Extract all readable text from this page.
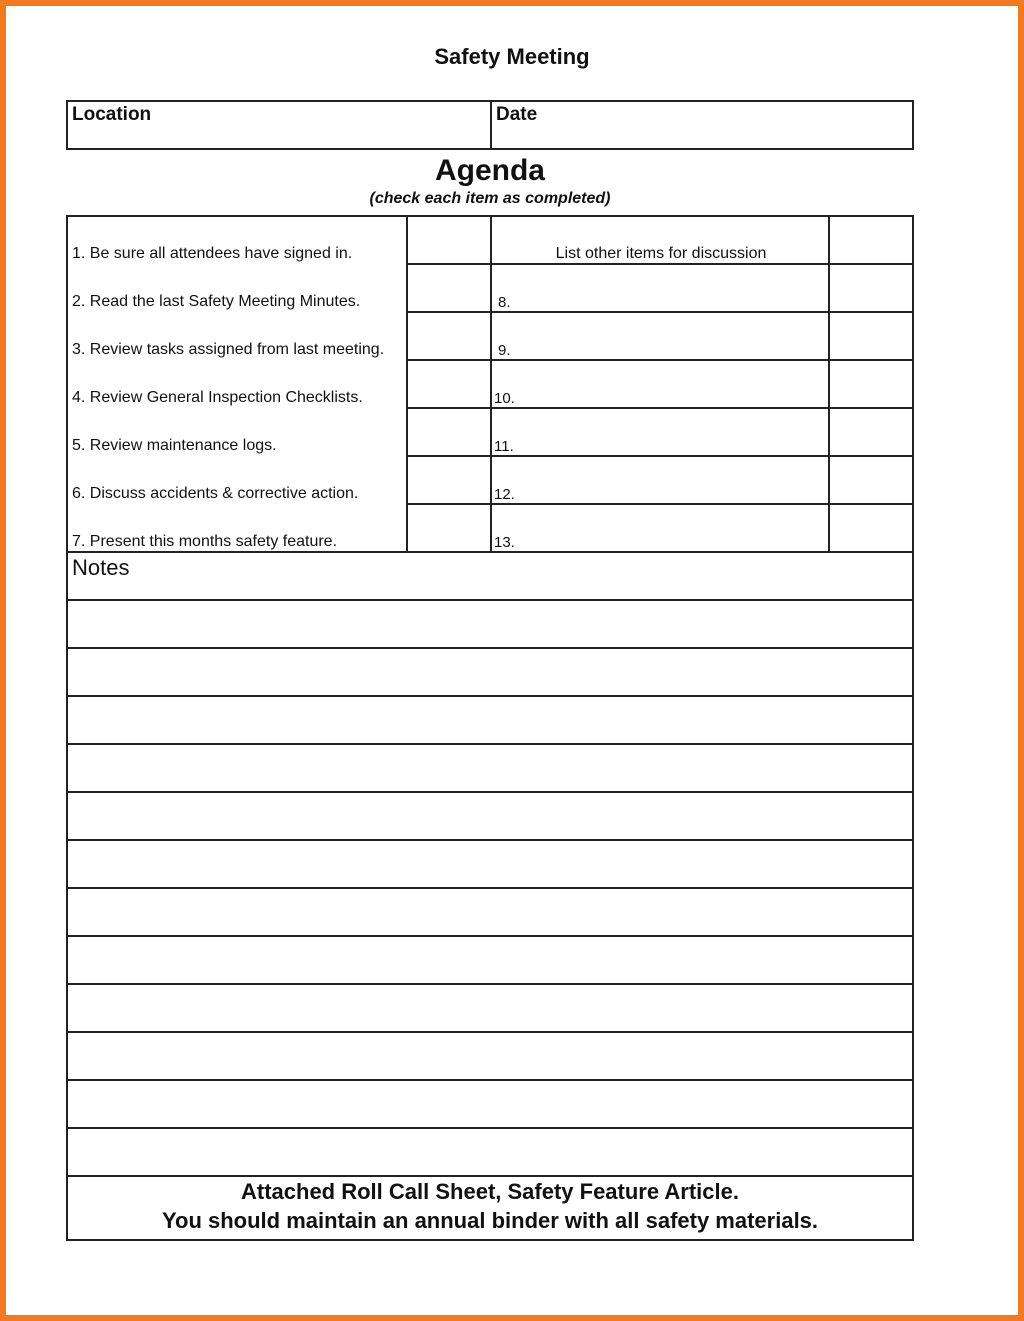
Safety Meeting
Location	Date
Agenda
(check each item as completed)
1. Be sure all attendees have signed in.
2. Read the last Safety Meeting Minutes.
3. Review tasks assigned from last meeting.
4. Review General Inspection Checklists.
5. Review maintenance logs.
6. Discuss accidents & corrective action.
7. Present this months safety feature.
List other items for discussion
8.
9.
10.
11.
12.
13.
Notes
Attached Roll Call Sheet, Safety Feature Article.
You should maintain an annual binder with all safety materials.
